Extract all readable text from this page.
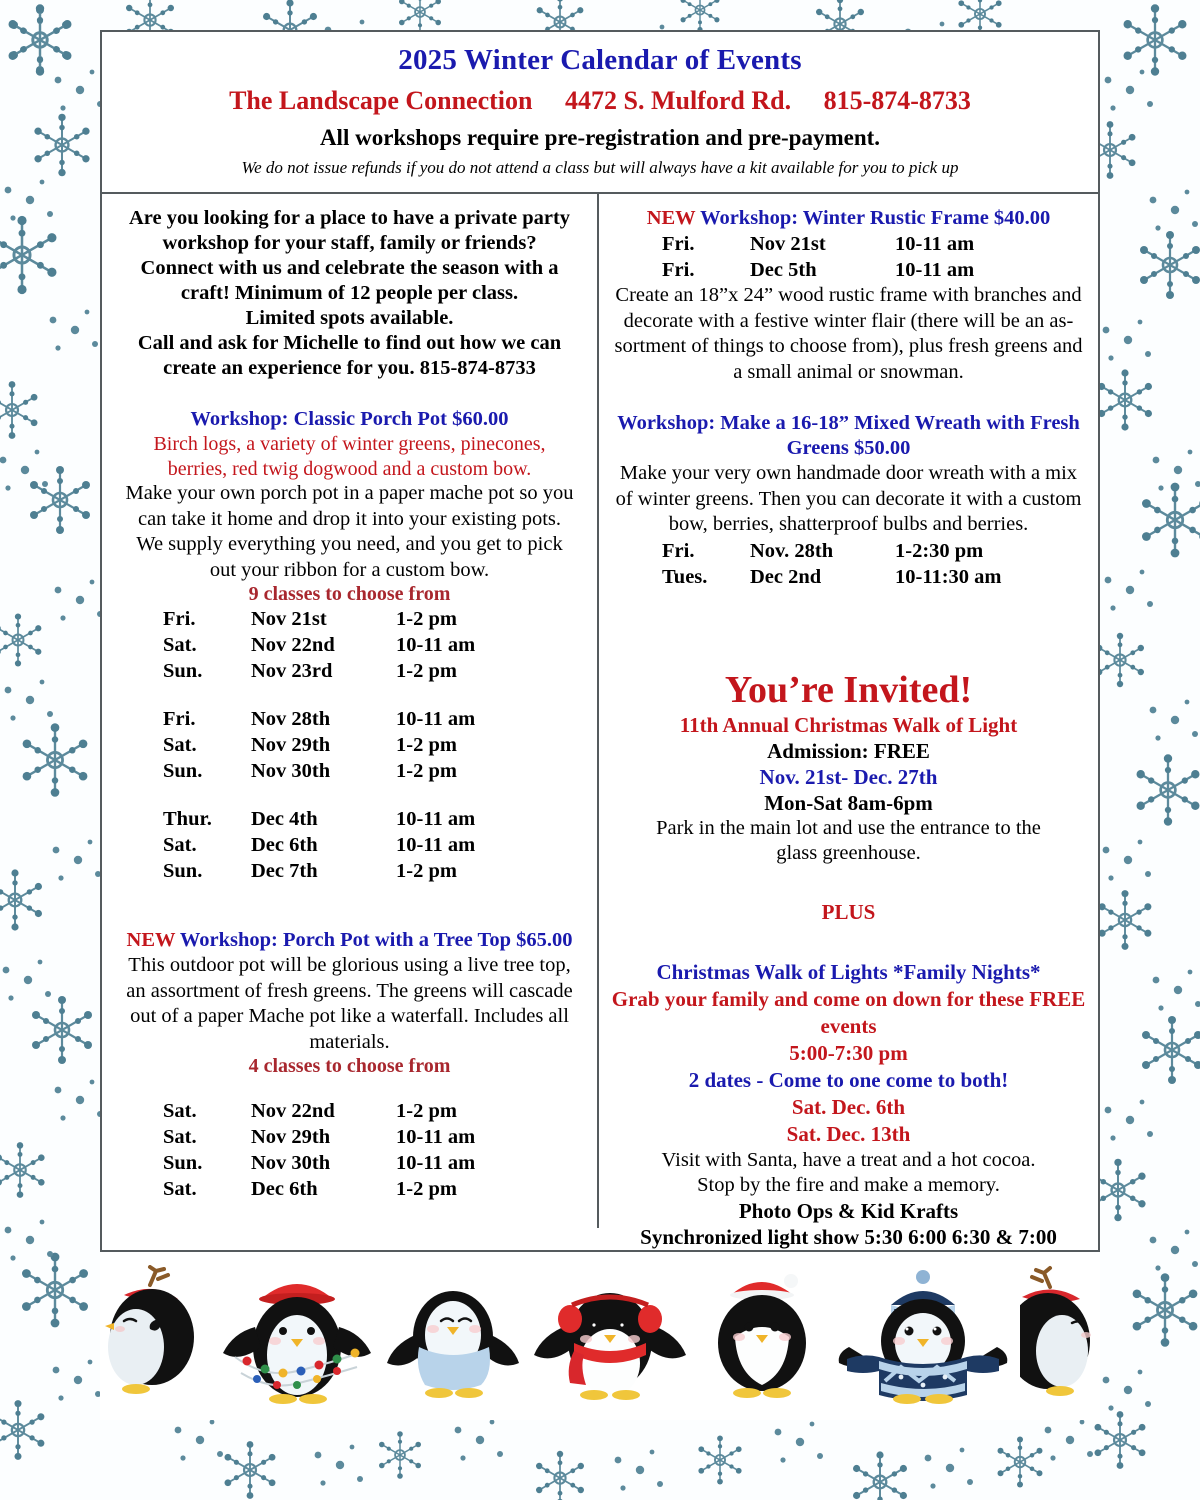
2025 Winter Calendar of Events
The Landscape Connection 4472 S. Mulford Rd. 815-874-8733
All workshops require pre-registration and pre-payment.
We do not issue refunds if you do not attend a class but will always have a kit available for you to pick up
Are you looking for a place to have a private party
workshop for your staff, family or friends?
Connect with us and celebrate the season with a
craft! Minimum of 12 people per class.
Limited spots available.
Call and ask for Michelle to find out how we can
create an experience for you. 815-874-8733
Workshop: Classic Porch Pot $60.00
Birch logs, a variety of winter greens, pinecones,
berries, red twig dogwood and a custom bow.
Make your own porch pot in a paper mache pot so you
can take it home and drop it into your existing pots.
We supply everything you need, and you get to pick
out your ribbon for a custom bow.
9 classes to choose from
Fri.	Nov 21st	1-2 pm
Sat.	Nov 22nd	10-11 am
Sun.	Nov 23rd	1-2 pm

Fri.	Nov 28th	10-11 am
Sat.	Nov 29th	1-2 pm
Sun.	Nov 30th	1-2 pm

Thur.	Dec 4th	10-11 am
Sat.	Dec 6th	10-11 am
Sun.	Dec 7th	1-2 pm
NEW Workshop: Porch Pot with a Tree Top $65.00
This outdoor pot will be glorious using a live tree top,
an assortment of fresh greens. The greens will cascade
out of a paper Mache pot like a waterfall. Includes all
materials.
4 classes to choose from
Sat.	Nov 22nd	1-2 pm
Sat.	Nov 29th	10-11 am
Sun.	Nov 30th	10-11 am
Sat.	Dec 6th	1-2 pm
NEW Workshop: Winter Rustic Frame $40.00
Fri.	Nov 21st	10-11 am
Fri.	Dec 5th	10-11 am
Create an 18”x 24” wood rustic frame with branches and
decorate with a festive winter flair (there will be an as-
sortment of things to choose from), plus fresh greens and
a small animal or snowman.
Workshop: Make a 16-18” Mixed Wreath with Fresh
Greens $50.00
Make your very own handmade door wreath with a mix
of winter greens. Then you can decorate it with a custom
bow, berries, shatterproof bulbs and berries.
Fri.	Nov. 28th	1-2:30 pm
Tues.	Dec 2nd	10-11:30 am
You’re Invited!
11th Annual Christmas Walk of Light
Admission: FREE
Nov. 21st- Dec. 27th
Mon-Sat 8am-6pm
Park in the main lot and use the entrance to the
glass greenhouse.
PLUS
Christmas Walk of Lights *Family Nights*
Grab your family and come on down for these FREE
events
5:00-7:30 pm
2 dates - Come to one come to both!
Sat. Dec. 6th
Sat. Dec. 13th
Visit with Santa, have a treat and a hot cocoa.
Stop by the fire and make a memory.
Photo Ops & Kid Krafts
Synchronized light show 5:30 6:00 6:30 & 7:00
